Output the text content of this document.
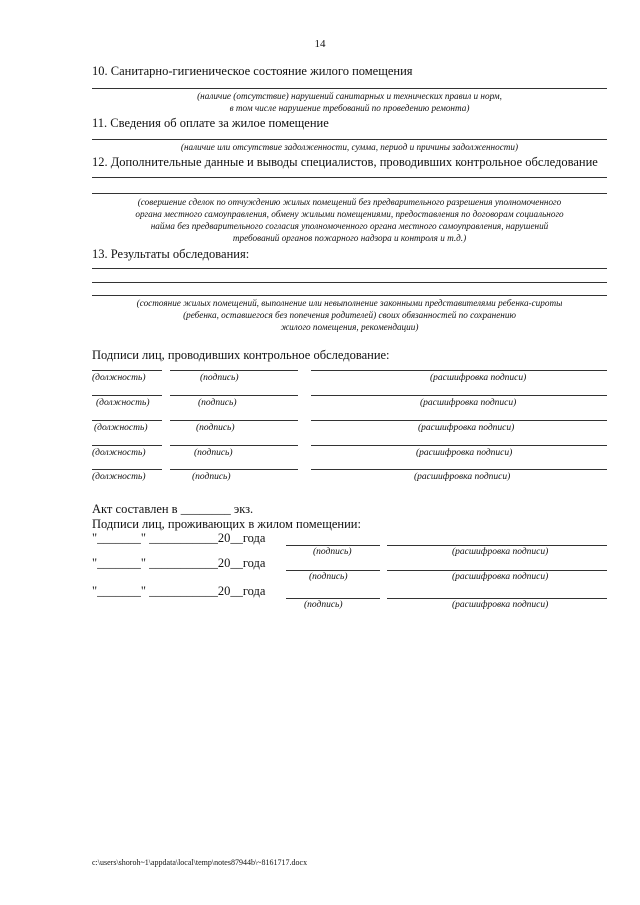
14
10. Санитарно-гигиеническое состояние жилого помещения
(наличие (отсутствие) нарушений санитарных и технических правил и норм,
в том числе нарушение требований по проведению ремонта)
11. Сведения об оплате за жилое помещение
(наличие или отсутствие задолженности, сумма, период и причины задолженности)
12. Дополнительные данные и выводы специалистов, проводивших контрольное обследование
(совершение сделок по отчуждению жилых помещений без предварительного разрешения уполномоченного
органа местного самоуправления, обмену жилыми помещениями, предоставления по договорам социального
найма без предварительного согласия уполномоченного органа местного самоуправления, нарушений
требований органов пожарного надзора и контроля и т.д.)
13. Результаты обследования:
(состояние жилых помещений, выполнение или невыполнение законными представителями ребенка-сироты
(ребенка, оставшегося без попечения родителей) своих обязанностей по сохранению
жилого помещения, рекомендации)
Подписи лиц, проводивших контрольное обследование:
(должность)	(подпись)	(расшифровка подписи)
(должность)	(подпись)	(расшифровка подписи)
(должность)	(подпись)	(расшифровка подписи)
(должность)	(подпись)	(расшифровка подписи)
(должность)	(подпись)	(расшифровка подписи)
Акт составлен в ________ экз.
Подписи лиц, проживающих в жилом помещении:
"_______" ___________20__года
(подпись)	(расшифровка подписи)
"_______" ___________20__года
(подпись)	(расшифровка подписи)
"_______" ___________20__года
(подпись)	(расшифровка подписи)
c:\users\shoroh~1\appdata\local\temp\notes87944b\~8161717.docx
